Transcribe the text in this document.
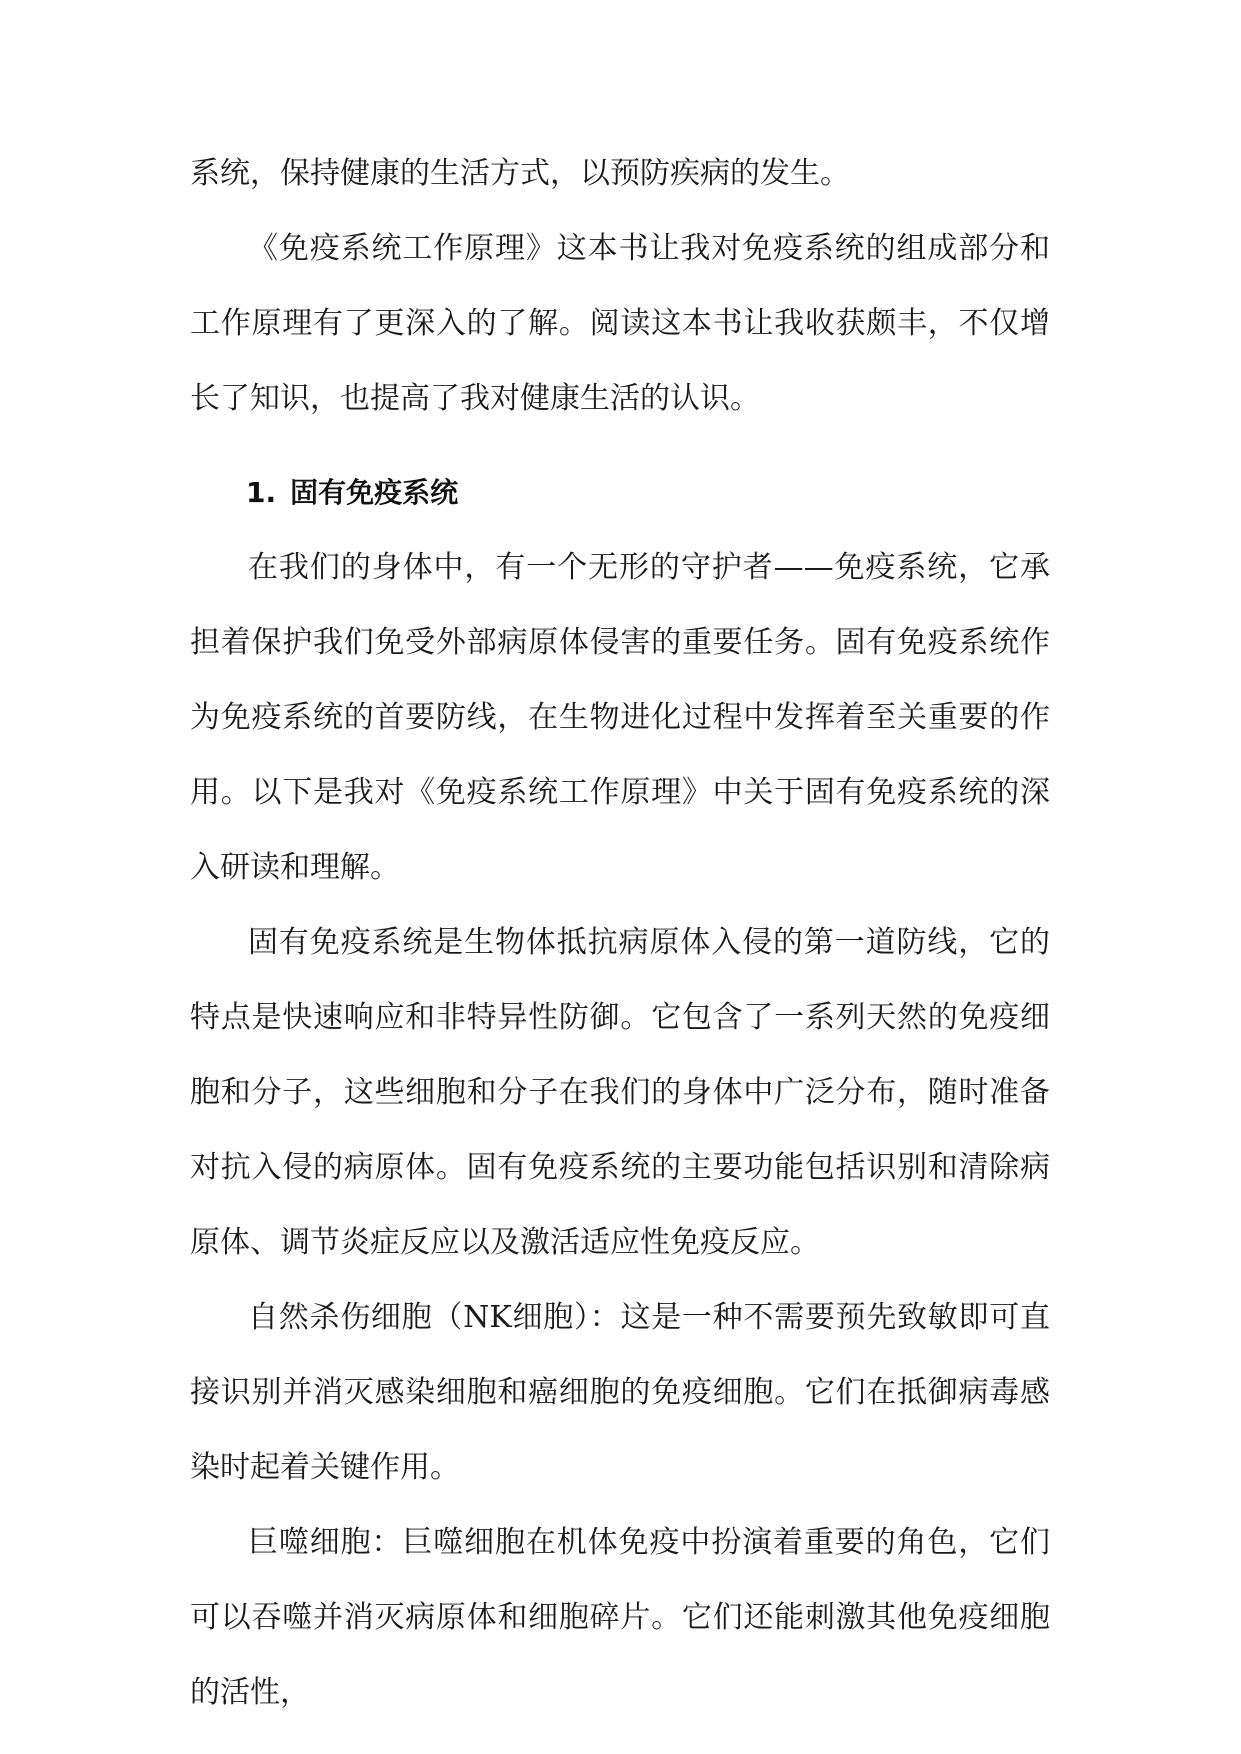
系统，保持健康的生活方式，以预防疾病的发生。

《免疫系统工作原理》这本书让我对免疫系统的组成部分和工作原理有了更深入的了解。阅读这本书让我收获颇丰，不仅增长了知识，也提高了我对健康生活的认识。

1. 固有免疫系统

在我们的身体中，有一个无形的守护者——免疫系统，它承担着保护我们免受外部病原体侵害的重要任务。固有免疫系统作为免疫系统的首要防线，在生物进化过程中发挥着至关重要的作用。以下是我对《免疫系统工作原理》中关于固有免疫系统的深入研读和理解。

固有免疫系统是生物体抵抗病原体入侵的第一道防线，它的特点是快速响应和非特异性防御。它包含了一系列天然的免疫细胞和分子，这些细胞和分子在我们的身体中广泛分布，随时准备对抗入侵的病原体。固有免疫系统的主要功能包括识别和清除病原体、调节炎症反应以及激活适应性免疫反应。

自然杀伤细胞（NK细胞）：这是一种不需要预先致敏即可直接识别并消灭感染细胞和癌细胞的免疫细胞。它们在抵御病毒感染时起着关键作用。

巨噬细胞：巨噬细胞在机体免疫中扮演着重要的角色，它们可以吞噬并消灭病原体和细胞碎片。它们还能刺激其他免疫细胞的活性，
